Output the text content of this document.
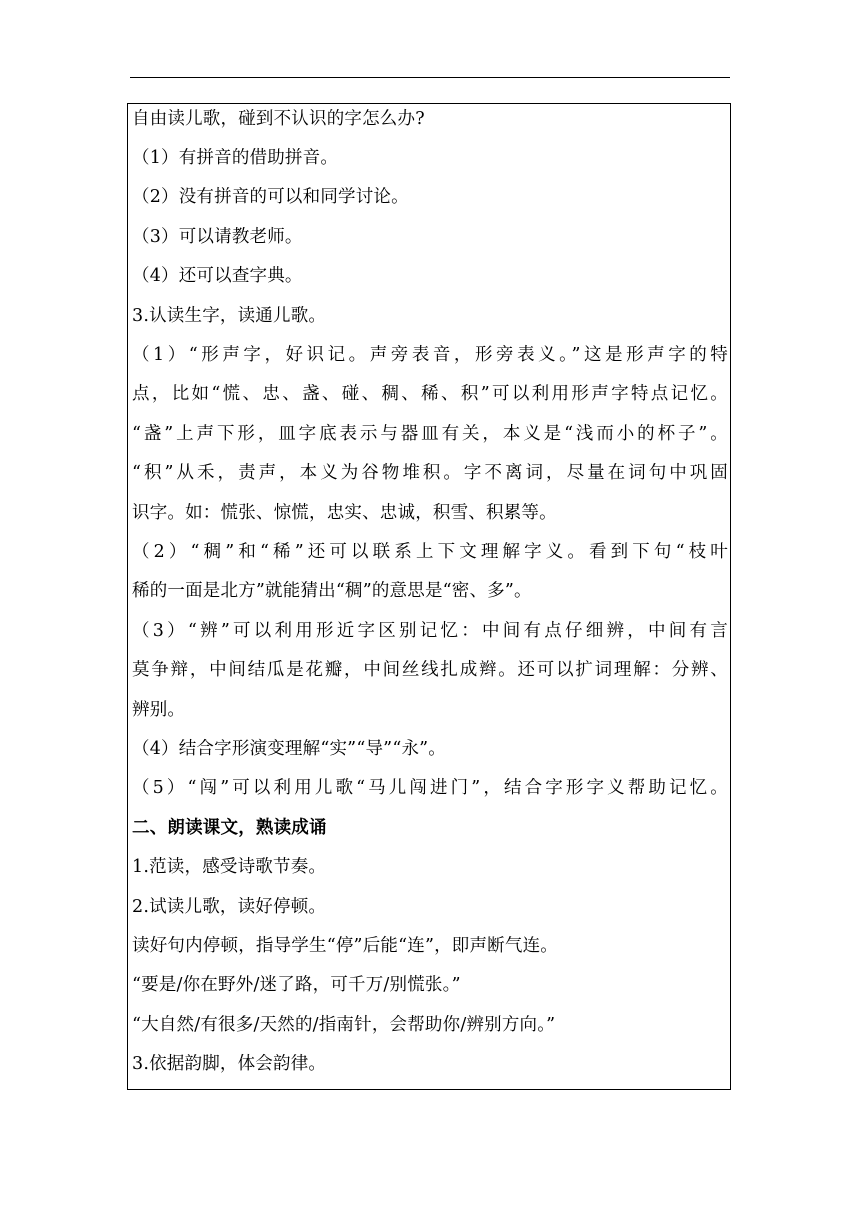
自由读儿歌，碰到不认识的字怎么办?
（1）有拼音的借助拼音。
（2）没有拼音的可以和同学讨论。
（3）可以请教老师。
（4）还可以查字典。
3.认读生字，读通儿歌。
（1）“形声字，好识记。声旁表音，形旁表义。”这是形声字的特
点，比如“慌、忠、盏、碰、稠、稀、积”可以利用形声字特点记忆。
“盏”上声下形，皿字底表示与器皿有关，本义是“浅而小的杯子”。
“积”从禾，责声，本义为谷物堆积。字不离词，尽量在词句中巩固
识字。如：慌张、惊慌，忠实、忠诚，积雪、积累等。
（2）“稠”和“稀”还可以联系上下文理解字义。看到下句“枝叶
稀的一面是北方”就能猜出“稠”的意思是“密、多”。
（3）“辨”可以利用形近字区别记忆：中间有点仔细辨，中间有言
莫争辩，中间结瓜是花瓣，中间丝线扎成辫。还可以扩词理解：分辨、
辨别。
（4）结合字形演变理解“实”“导”“永”。
（5）“闯”可以利用儿歌“马儿闯进门”，结合字形字义帮助记忆。
二、朗读课文，熟读成诵
1.范读，感受诗歌节奏。
2.试读儿歌，读好停顿。
读好句内停顿，指导学生“停”后能“连”，即声断气连。
“要是/你在野外/迷了路，可千万/别慌张。”
“大自然/有很多/天然的/指南针，会帮助你/辨别方向。”
3.依据韵脚，体会韵律。
